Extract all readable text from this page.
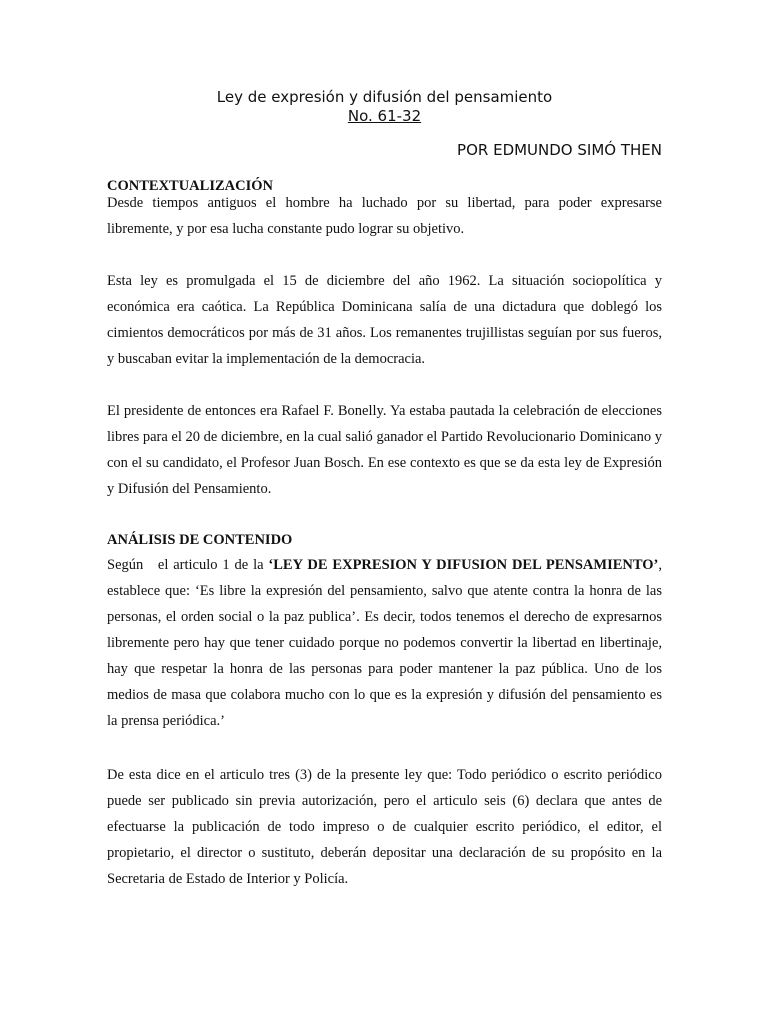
Ley de expresión y difusión del pensamiento
No. 61-32
POR EDMUNDO SIMÓ THEN
CONTEXTUALIZACIÓN
Desde tiempos antiguos el hombre ha luchado por su libertad, para poder expresarse libremente, y por esa lucha constante pudo lograr su objetivo.
Esta ley es promulgada el 15 de diciembre del año 1962. La situación sociopolítica y económica era caótica. La República Dominicana salía de una dictadura que doblegó los cimientos democráticos por más de 31 años. Los remanentes trujillistas seguían por sus fueros, y buscaban evitar la implementación de la democracia.
El presidente de entonces era Rafael F. Bonelly. Ya estaba pautada la celebración de elecciones libres para el 20 de diciembre, en la cual salió ganador el Partido Revolucionario Dominicano y con el su candidato, el Profesor Juan Bosch. En ese contexto es que se da esta ley de Expresión y Difusión del Pensamiento.
ANÁLISIS DE CONTENIDO
Según   el articulo 1 de la ‘LEY DE EXPRESION Y DIFUSION DEL PENSAMIENTO’, establece que: ‘Es libre la expresión del pensamiento, salvo que atente contra la honra de las personas, el orden social o la paz publica’. Es decir, todos tenemos el derecho de expresarnos libremente pero hay que tener cuidado porque no podemos convertir la libertad en libertinaje, hay que respetar la honra de las personas para poder mantener la paz pública. Uno de los medios de masa que colabora mucho con lo que es la expresión y difusión del pensamiento es la prensa periódica.’
De esta dice en el articulo tres (3) de la presente ley que: Todo periódico o escrito periódico puede ser publicado sin previa autorización, pero el articulo seis (6) declara que antes de efectuarse la publicación de todo impreso o de cualquier escrito periódico, el editor, el propietario, el director o sustituto, deberán depositar una declaración de su propósito en la Secretaria de Estado de Interior y Policía.
